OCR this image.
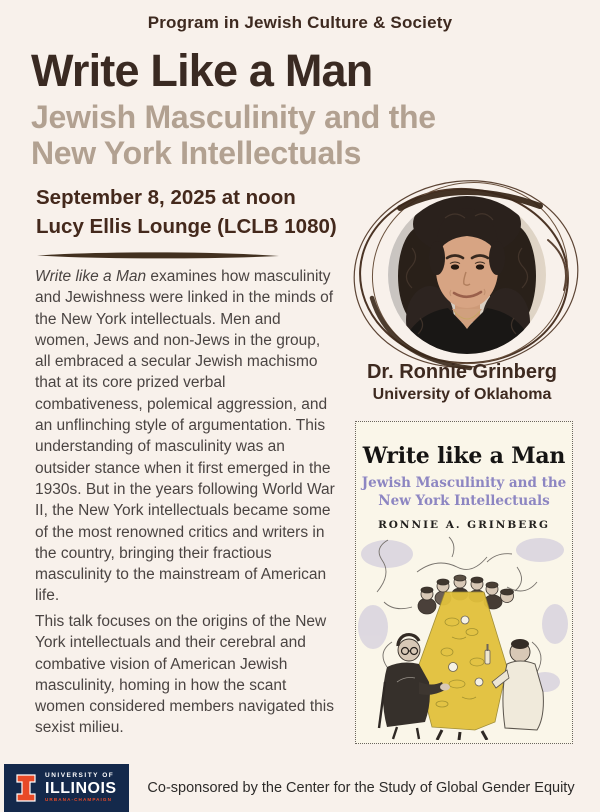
Program in Jewish Culture & Society
Write Like a Man
Jewish Masculinity and the
New York Intellectuals
September 8, 2025 at noon
Lucy Ellis Lounge (LCLB 1080)

Write like a Man examines how masculinity and Jewishness were linked in the minds of the New York intellectuals. Men and women, Jews and non-Jews in the group, all embraced a secular Jewish machismo that at its core prized verbal combativeness, polemical aggression, and an unflinching style of argumentation. This understanding of masculinity was an outsider stance when it first emerged in the 1930s. But in the years following World War II, the New York intellectuals became some of the most renowned critics and writers in the country, bringing their fractious masculinity to the mainstream of American life.

This talk focuses on the origins of the New York intellectuals and their cerebral and combative vision of American Jewish masculinity, homing in how the scant women considered members navigated this sexist milieu.

Dr. Ronnie Grinberg
University of Oklahoma
Write like a Man
Jewish Masculinity and the
New York Intellectuals
RONNIE A. GRINBERG
UNIVERSITY OF
ILLINOIS
URBANA-CHAMPAIGN
Co-sponsored by the Center for the Study of Global Gender Equity
